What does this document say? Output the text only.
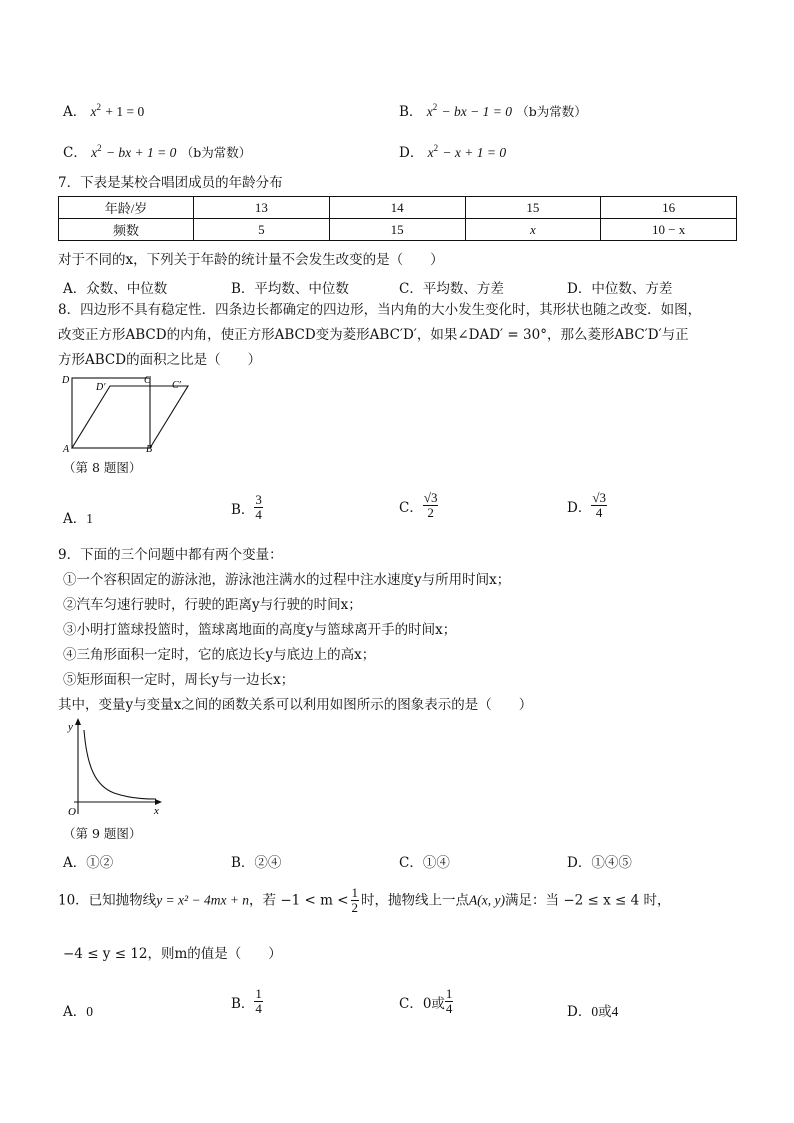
A． $x^2 + 1 = 0$	B． $x^2$ − bx − 1 = 0 （b为常数）
C． $x^2$ − bx + 1 = 0 （b为常数）	D． $x^2 - x + 1 = 0$
7．下表是某校合唱团成员的年龄分布
年龄/岁	13	14	15	16
频数	5	15	x	10 − x
对于不同的x，下列关于年龄的统计量不会发生改变的是（　　）
A．众数、中位数	B．平均数、中位数	C．平均数、方差	D．中位数、方差
8．四边形不具有稳定性．四条边长都确定的四边形，当内角的大小发生变化时，其形状也随之改变．如图，
改变正方形ABCD的内角，使正方形ABCD变为菱形ABC′D′，如果∠DAD′ = 30°，那么菱形ABC′D′与正
方形ABCD的面积之比是（　　）
D
D′
C C′
A	B
（第 8 题图）
A．1
B． $\frac{3}{4}$	C． $\frac{√3}{2}$	D． $\frac{√3}{4}$
9．下面的三个问题中都有两个变量：
①一个容积固定的游泳池，游泳池注满水的过程中注水速度y与所用时间x；
②汽车匀速行驶时，行驶的距离y与行驶的时间x；
③小明打篮球投篮时，篮球离地面的高度y与篮球离开手的时间x；
④三角形面积一定时，它的底边长y与底边上的高x；
⑤矩形面积一定时，周长y与一边长x；
其中，变量y与变量x之间的函数关系可以利用如图所示的图象表示的是（　　）
y
x
O
（第 9 题图）
A．①②	B．②④	C．①④	D．①④⑤
10．已知抛物线y = x² − 4mx + n，若 $-1 < m < \frac{1}{2}$ 时，抛物线上一点A(x, y)满足：当 −2 ≤ x ≤ 4 时，
−4 ≤ y ≤ 12，则m的值是（　　）
A．0	B． $\frac{1}{4}$	C．0或 $\frac{1}{4}$	D．0或4
